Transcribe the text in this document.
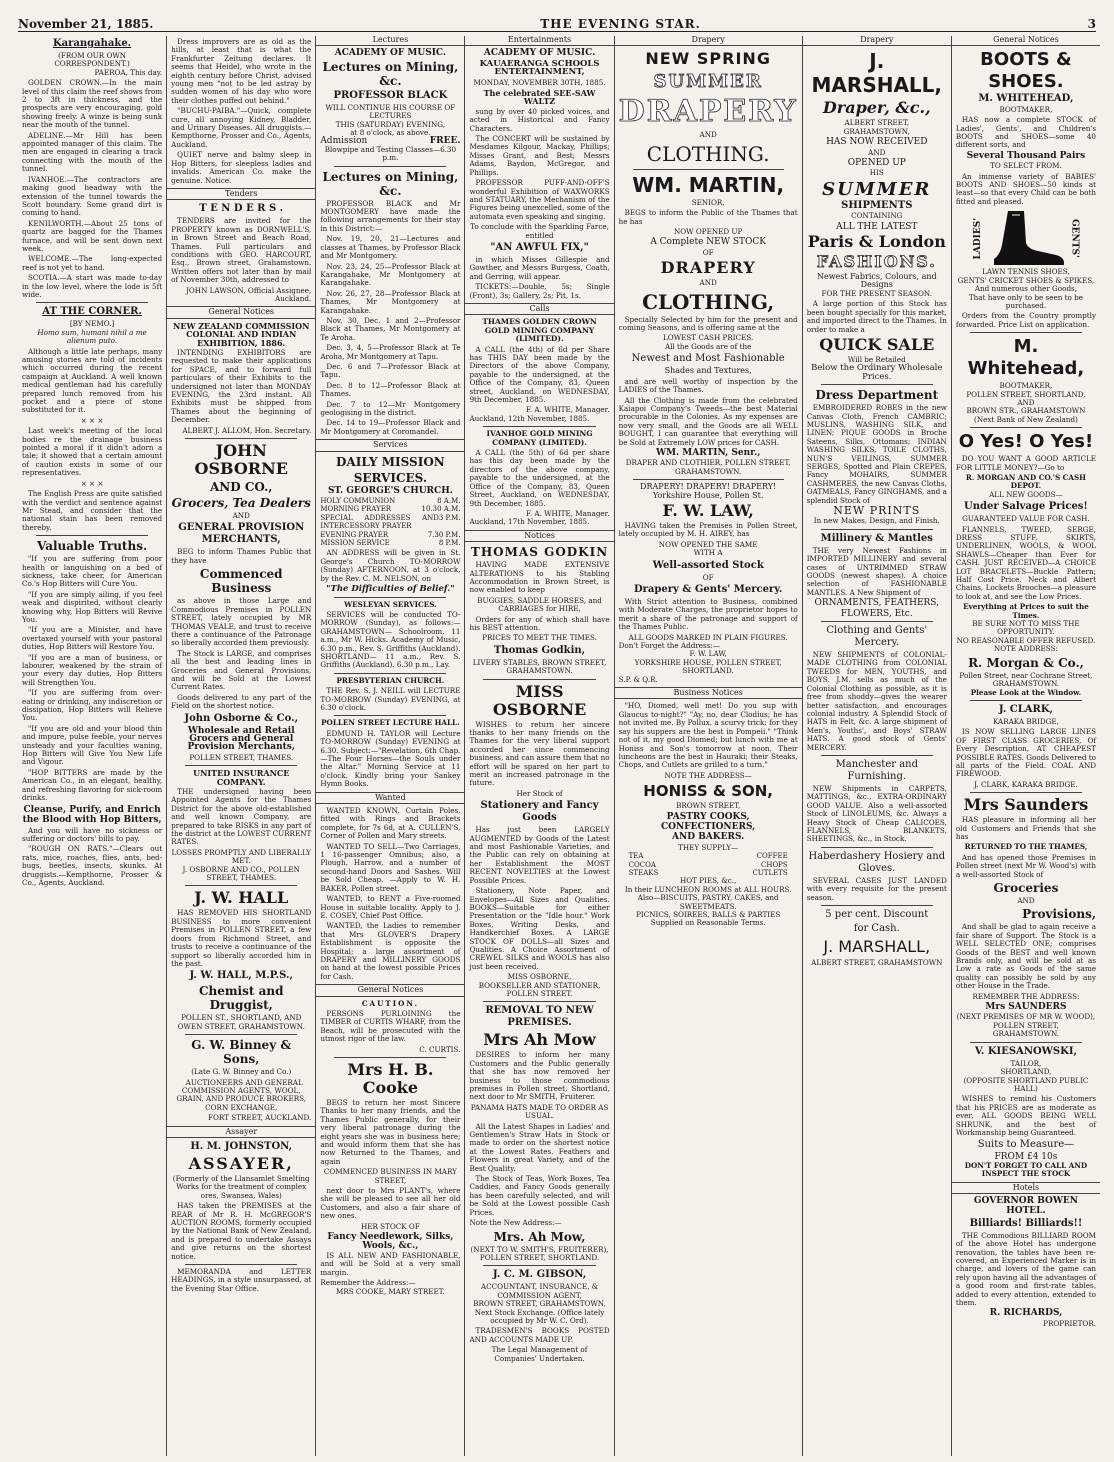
November 21, 1885.	THE EVENING STAR.	3
Karangahake.
(FROM OUR OWN CORRESPONDENT.)
PAEROA, This day.

GOLDEN CROWN.—In the main level of this claim the reef shows from 2 to 3ft in thickness, and the prospects are very encouraging, gold showing freely. A winze is being sunk near the mouth of the tunnel.

ADELINE.—Mr Hill has been appointed manager of this claim. The men are engaged in clearing a track connecting with the mouth of the tunnel.

IVANHOE.—The contractors are making good headway with the extension of the tunnel towards the Scott boundary. Some grand dirt is coming to hand.

KENILWORTH.—About 25 tons of quartz are bagged for the Thames furnace, and will be sent down next week.

WELCOME.—The long-expected reef is not yet to hand.

SCOTIA.—A start was made to-day in the low level, where the lode is 5ft wide.

AT THE CORNER.
[BY NEMO.]
Homo sum, humani nihil a me alienum puto.

Although a little late perhaps, many amusing stories are told of incidents which occurred during the recent campaign at Auckland. A well known medical gentleman had his carefully prepared lunch removed from his pocket and a piece of stone substituted for it.

× × ×

Last week's meeting of the local bodies re the drainage business pointed a moral if it didn't adorn a tale; it showed that a certain amount of caution exists in some of our representatives.

× × ×

The English Press are quite satisfied with the verdict and sentence against Mr Stead, and consider that the national stain has been removed thereby.

Valuable Truths.

"If you are suffering from poor health or languishing on a bed of sickness, take cheer, for American Co.'s Hop Bitters will Cure You.

"If you are simply ailing, if you feel weak and dispirited, without clearly knowing why, Hop Bitters will Revive You.

"If you are a Minister, and have overtaxed yourself with your pastoral duties, Hop Bitters will Restore You.

"If you are a man of business, or labourer, weakened by the strain of your every day duties, Hop Bitters will Strengthen You.

"If you are suffering from over-eating or drinking, any indiscretion or dissipation, Hop Bitters will Relieve You.

"If you are old and your blood thin and impure, pulse feeble, your nerves unsteady and your faculties waning, Hop Bitters will Give You New Life and Vigour.

"HOP BITTERS are made by the American Co., in an elegant, healthy, and refreshing flavoring for sick-room drinks.

Cleanse, Purify, and Enrich the Blood with Hop Bitters,

And you will have no sickness or suffering or doctors' bills to pay.

"ROUGH ON RATS."—Clears out rats, mice, roaches, flies, ants, bed-bugs, beetles, insects, skunks. At druggists.—Kempthorne, Prosser & Co., Agents, Auckland.

Dress improvers are as old as the hills, at least that is what the Frankfurter Zeitung declares. It seems that Heidel, who wrote in the eighth century before Christ, advised young men "not to be led astray by sudden women of his day who wore their clothes puffed out behind."

"BUCHU-PAIBA."—Quick, complete cure, all annoying Kidney, Bladder, and Urinary Diseases. All druggists.—Kempthorne, Prosser and Co., Agents, Auckland.

QUIET nerve and balmy sleep in Hop Bitters, for sleepless ladies and invalids. American Co. make the genuine. Notice.

Tenders
T E N D E R S .

TENDERS are invited for the PROPERTY known as DORNWELL'S, in Brown Street and Beach Road, Thames. Full particulars and conditions with GEO. HARCOURT, Esq., Brown street, Grahamstown. Written offers not later than by mail of November 30th, addressed to

JOHN LAWSON, Official Assignee, Auckland.
General Notices
NEW ZEALAND COMMISSION COLONIAL AND INDIAN EXHIBITION, 1886.

INTENDING EXHIBITORS are requested to make their applications for SPACE, and to forward full particulars of their Exhibits to the undersigned not later than MONDAY EVENING, the 23rd instant. All Exhibits must be shipped from Thames about the beginning of December.

ALBERT J. ALLOM, Hon. Secretary.
JOHN OSBORNE
AND CO.,
Grocers, Tea Dealers
AND
GENERAL PROVISION MERCHANTS,

BEG to inform Thames Public that they have

Commenced Business

as above in those Large and Commodious Premises in POLLEN STREET, lately occupied by MR THOMAS VEALE, and trust to receive there a continuance of the Patronage so liberally accorded them previously.

The Stock is LARGE, and comprises all the best and leading lines in Groceries and General Provisions, and will be Sold at the Lowest Current Rates.

Goods delivered to any part of the Field on the shortest notice.

John Osborne & Co.,
Wholesale and Retail Grocers and General Provision Merchants,
POLLEN STREET, THAMES.
UNITED INSURANCE COMPANY.

THE undersigned having been Appointed Agents for the Thames District for the above old-established and well known Company, are prepared to take RISKS in any part of the district at the LOWEST CURRENT RATES.

LOSSES PROMPTLY AND LIBERALLY MET.
J. OSBORNE AND CO., POLLEN STREET, THAMES.
J. W. HALL

HAS REMOVED HIS SHORTLAND BUSINESS to more convenient Premises in POLLEN STREET, a few doors from Richmond Street, and trusts to receive a continuance of the support so liberally accorded him in the past.

J. W. HALL, M.P.S.,
Chemist and Druggist,
POLLEN ST., SHORTLAND, AND OWEN STREET, GRAHAMSTOWN.
G. W. Binney & Sons,
(Late G. W. Binney and Co.)

AUCTIONEERS AND GENERAL COMMISSION AGENTS, WOOL, GRAIN, AND PRODUCE BROKERS, CORN EXCHANGE,

FORT STREET, AUCKLAND.
Assayer
H. M. JOHNSTON,
ASSAYER,
(Formerly of the Llansamlet Smelting Works for the treatment of complex ores, Swansea, Wales)

HAS taken the PREMISES at the REAR of Mr R. H. McGREGOR'S AUCTION ROOMS, formerly occupied by the National Bank of New Zealand, and is prepared to undertake Assays and give returns on the shortest notice.

MEMORANDA and LETTER HEADINGS, in a style unsurpassed, at the Evening Star Office.

Lectures
ACADEMY OF MUSIC.
Lectures on Mining, &c.
PROFESSOR BLACK
WILL CONTINUE HIS COURSE OF LECTURES
THIS (SATURDAY) EVENING,
at 8 o'clock, as above.
Admission	FREE.
Blowpipe and Testing Classes—6.30 p.m.
Lectures on Mining, &c.

PROFESSOR BLACK and Mr MONTGOMERY have made the following arrangements for their stay in this District:—

Nov. 19, 20, 21—Lectures and classes at Thames, by Professor Black and Mr Montgomery.

Nov. 23, 24, 25—Professor Black at Karangahake, Mr Montgomery at Karangahake.

Nov. 26, 27, 28—Professor Black at Thames, Mr Montgomery at Karangahake.

Nov. 30, Dec. 1 and 2—Professor Black at Thames, Mr Montgomery at Te Aroha.

Dec. 3, 4, 5—Professor Black at Te Aroha, Mr Montgomery at Tapu.

Dec. 6 and 7—Professor Black at Tapu.

Dec. 8 to 12—Professor Black at Thames.

Dec. 7 to 12—Mr Montgomery geologising in the district.

Dec. 14 to 19—Professor Black and Mr Montgomery at Coromandel.

Services
DAILY MISSION
SERVICES.
ST. GEORGE'S CHURCH.
HOLY COMMUNION	8 A.M.
MORNING PRAYER	10.30 A.M.
SPECIAL ADDRESSES AND INTERCESSORY PRAYER
3 P.M.
EVENING PRAYER	7.30 P.M.
MISSION SERVICE	8 P.M.

AN ADDRESS will be given in St. George's Church TO-MORROW (Sunday) AFTERNOON, at 3 o'clock, by the Rev. C. M. NELSON, on

"The Difficulties of Belief."
WESLEYAN SERVICES.

SERVICES will be conducted TO-MORROW (Sunday), as follows:— GRAHAMSTOWN— Schoolroom, 11 a.m., Mr W. Hicks. Academy of Music, 6.30 p.m., Rev. S. Griffiths (Auckland). SHORTLAND— 11 a.m., Rev. S. Griffiths (Auckland). 6.30 p.m., Lay.

PRESBYTERIAN CHURCH.

THE Rev. S. J. NEILL will LECTURE TO-MORROW (Sunday) EVENING, at 6.30 o'clock.

POLLEN STREET LECTURE HALL.

EDMUND H. TAYLOR will Lecture TO-MORROW (Sunday) EVENING at 6.30. Subject:—"Revelation, 6th Chap.—The Four Horses—the Souls under the Altar." Morning Service at 11 o'clock. Kindly bring your Sankey Hymn Books.

Wanted

WANTED KNOWN, Curtain Poles, fitted with Rings and Brackets complete, for 7s 6d, at A. CULLEN'S, Corner of Pollen and Mary streets.

WANTED TO SELL—Two Carriages, 1 16-passenger Omnibus; also, a Plough, Harrow, and a number of second-hand Doors and Sashes. Will be Sold Cheap. —Apply to W. H. BAKER, Pollen street.

WANTED, to RENT a Five-roomed House in suitable locality. Apply to J. E. COSEY, Chief Post Office.

WANTED, the Ladies to remember that Mrs GLOVER'S Drapery Establishment is opposite the Hospital; a large assortment of DRAPERY and MILLINERY GOODS on hand at the lowest possible Prices for Cash.

General Notices
CAUTION.

PERSONS PURLOINING the TIMBER of CURTIS WHARF, from the Beach, will be prosecuted with the utmost rigor of the law.

C. CURTIS.
Mrs H. B. Cooke

BEGS to return her most Sincere Thanks to her many friends, and the Thames Public generally, for their very liberal patronage during the eight years she was in business here; and would inform them that she has now Returned to the Thames, and again

COMMENCED BUSINESS IN MARY STREET,

next door to Mrs PLANT's, where she will be pleased to see all her old Customers, and also a fair share of new ones.

HER STOCK OF
Fancy Needlework, Silks, Wools, &c.,

IS ALL NEW AND FASHIONABLE, and will be Sold at a very small margin.

Remember the Address:—
MRS COOKE, MARY STREET.
Entertainments
ACADEMY OF MUSIC.
KAUAERANGA SCHOOLS ENTERTAINMENT,
MONDAY, NOVEMBER 30TH, 1885.
The celebrated SEE-SAW WALTZ

sung by over 40 picked voices, and acted in Historical and Fancy Characters.

The CONCERT will be sustained by Mesdames Kilgour, Mackay, Phillips; Misses Grant, and Best; Messrs Adams, Baydon, McGregor, and Phillips.

PROFESSOR PUFF-AND-OFF'S wonderful Exhibition of WAXWORKS and STATUARY, the Mechanism of the Figures being unexcelled, some of the automata even speaking and singing.

To conclude with the Sparkling Farce, entitled
"AN AWFUL FIX,"

in which Misses Gillespie and Gowther, and Messrs Burgess, Coath, and Gerring, will appear.

TICKETS:—Double, 5s; Single (Front), 3s; Gallery, 2s; Pit, 1s.

Calls
THAMES GOLDEN CROWN GOLD MINING COMPANY (LIMITED).

A CALL (the 4th) of 6d per Share has THIS DAY been made by the Directors of the above Company, payable to the undersigned, at the Office of the Company, 83, Queen street, Auckland, on WEDNESDAY, 9th December, 1885.

F. A. WHITE, Manager.
Auckland, 12th November, 1885.
IVANHOE GOLD MINING COMPANY (LIMITED).

A CALL (the 5th) of 6d per share has this day been made by the directors of the above company, payable to the undersigned, at the Office of the Company, 83, Queen Street, Auckland, on WEDNESDAY, 9th December, 1885.

F. A. WHITE, Manager.
Auckland, 17th November, 1885.
Notices
THOMAS GODKIN

HAVING MADE EXTENSIVE ALTERATIONS to his Stabling Accommodation in Brown Street, is now enabled to keep

BUGGIES, SADDLE HORSES, and CARRIAGES for HIRE,

Orders for any of which shall have his BEST attention.

PRICES TO MEET THE TIMES.
Thomas Godkin,
LIVERY STABLES, BROWN STREET, GRAHAMSTOWN.
MISS OSBORNE

WISHES to return her sincere thanks to her many friends on the Thames for the very liberal support accorded her since commencing business, and can assure them that no effort will be spared on her part to merit an increased patronage in the future.

Her Stock of
Stationery and Fancy Goods

Has just been LARGELY AUGMENTED by Goods of the Latest and most Fashionable Varieties, and the Public can rely on obtaining at her Establishment the MOST RECENT NOVELTIES at the Lowest Possible Prices.

Stationery, Note Paper, and Envelopes—All Sizes and Qualities. BOOKS—Suitable for either Presentation or the "Idle hour." Work Boxes, Writing Desks, and Handkerchief Boxes. A LARGE STOCK OF DOLLS—all Sizes and Qualities. A Choice Assortment of CREWEL SILKS and WOOLS has also just been received.

MISS OSBORNE,
BOOKSELLER AND STATIONER, POLLEN STREET.
REMOVAL TO NEW PREMISES.
Mrs Ah Mow

DESIRES to inform her many Customers and the Public generally that she has now removed her business to those commodious premises in Pollen street, Shortland, next door to Mr SMITH, Fruiterer.

PANAMA HATS MADE TO ORDER AS USUAL.

All the Latest Shapes in Ladies' and Gentlemen's Straw Hats in Stock or made to order on the shortest notice at the Lowest Rates. Feathers and Flowers in great Variety, and of the Best Quality.

The Stock of Teas, Work Boxes, Tea Caddies, and Fancy Goods generally has been carefully selected, and will be Sold at the Lowest possible Cash Prices.

Note the New Address:—
Mrs. Ah Mow,
(NEXT TO W. SMITH'S, FRUITERER), POLLEN STREET, SHORTLAND.
J. C. M. GIBSON,
ACCOUNTANT, INSURANCE, & COMMISSION AGENT,
BROWN STREET, GRAHAMSTOWN, Next Stock Exchange. (Office lately occupied by Mr W. C. Ord).

TRADESMEN'S BOOKS POSTED AND ACCOUNTS MADE UP.

The Legal Management of Companies' Undertaken.
Drapery
NEW SPRING
SUMMER
DRAPERY
AND
CLOTHING.
WM. MARTIN,
SENIOR,

BEGS to inform the Public of the Thames that he has

NOW OPENED UP
A Complete NEW STOCK
OF
DRAPERY
AND
CLOTHING,

Specially Selected by him for the present and coming Seasons, and is offering same at the

LOWEST CASH PRICES.
All the Goods are of the
Newest and Most Fashionable
Shades and Textures,

and are well worthy of inspection by the LADIES of the Thames.

All the Clothing is made from the celebrated Kaiapoi Company's Tweeds—the best Material procurable in the Colonies. As my expenses are now very small, and the Goods are all WELL BOUGHT, I can guarantee that everything will be Sold at Extremely LOW prices for CASH.

WM. MARTIN, Senr.,
DRAPER AND CLOTHIER, POLLEN STREET, GRAHAMSTOWN.
DRAPERY! DRAPERY! DRAPERY!
Yorkshire House, Pollen St.
F. W. LAW,

HAVING taken the Premises in Pollen Street, lately occupied by M. H. AIREY, has

NOW OPENED THE SAME
WITH A
Well-assorted Stock
OF
Drapery & Gents' Mercery.

With Strict attention to Business, combined with Moderate Charges, the proprietor hopes to merit a share of the patronage and support of the Thames Public.

ALL GOODS MARKED IN PLAIN FIGURES.
Don't Forget the Address:—
F. W. LAW,
YORKSHIRE HOUSE, POLLEN STREET, SHORTLAND.
S.P. & Q.R.
Business Notices

"HO, Diomed, well met! Do you sup with Glaucus to-night?" "Ay, no, dear Clodius; he has not invited me. By Pollux, a scurvy trick; for they say his suppers are the best in Pompeii." "Think not of it, my good Diomed; but lunch with me at Honiss and Son's tomorrow at noon. Their luncheons are the best in Hauraki; their Steaks, Chops, and Cutlets are grilled to a turn."

NOTE THE ADDRESS—
HONISS & SON,
BROWN STREET,
PASTRY COOKS,
CONFECTIONERS,
AND BAKERS.
THEY SUPPLY—
TEA	COFFEE
COCOA	CHOPS
STEAKS	CUTLETS
HOT PIES, &c.,
In their LUNCHEON ROOMS at ALL HOURS.
Also—BISCUITS, PASTRY, CAKES, and SWEETMEATS.
PICNICS, SOIREES, BALLS & PARTIES
Supplied on Reasonable Terms.
Drapery
J. MARSHALL,
Draper, &c.,
ALBERT STREET,
GRAHAMSTOWN,
HAS NOW RECEIVED
AND
OPENED UP
HIS
SUMMER
SHIPMENTS
CONTAINING
ALL THE LATEST
Paris & London
FASHIONS.
Newest Fabrics, Colours, and Designs
FOR THE PRESENT SEASON.

A large portion of this Stock has been bought specially for this market, and imported direct to the Thames. In order to make a

QUICK SALE
Will be Retailed
Below the Ordinary Wholesale Prices.
Dress Department

EMBROIDERED ROBES in the new Canvas Cloth, French CAMBRIC; MUSLINS, WASHING SILK, and LINEN; PIQUE GOODS in Broche Sateens, Silks, Ottomans; INDIAN WASHING SILKS, TOILE CLOTHS, NUN'S VEILINGS, SUMMER SERGES, Spotted and Plain CREPES, Fancy MOHAIRS, SUMMER CASHMERES, the new Canvas Cloths, OATMEALS, Fancy GINGHAMS, and a splendid Stock of

NEW PRINTS
In new Makes, Design, and Finish.
Millinery & Mantles

THE very Newest Fashions in IMPORTED MILLINERY and several cases of UNTRIMMED STRAW GOODS (newest shapes). A choice selection of FASHIONABLE MANTLES. A New Shipment of

ORNAMENTS, FEATHERS,
FLOWERS, Etc.
Clothing and Gents' Mercery.

NEW SHIPMENTS of COLONIAL-MADE CLOTHING from COLONIAL TWEEDS for MEN, YOUTHS, and BOYS. J.M. sells as much of the Colonial Clothing as possible, as it is free from shoddy—gives the wearer better satisfaction, and encourages colonial industry. A Splendid Stock of HATS in Felt, &c. A large shipment of Men's, Youths', and Boys' STRAW HATS. A good stock of Gents' MERCERY.

Manchester and Furnishing.

NEW Shipments in CARPETS, MATTINGS, &c., EXTRA-ORDINARY GOOD VALUE. Also a well-assorted Stock of LINOLEUMS, &c. Always a Heavy Stock of Cheap CALICOES, FLANNELS, BLANKETS, SHEETINGS, &c., in Stock.

Haberdashery Hosiery and Gloves.

SEVERAL CASES JUST LANDED with every requisite for the present season.

5 per cent. Discount
for Cash.
J. MARSHALL,
ALBERT STREET, GRAHAMSTOWN
General Notices
BOOTS & SHOES.
M. WHITEHEAD,
BOOTMAKER,

HAS now a complete STOCK of Ladies', Gents', and Children's BOOTS and SHOES—some 40 different sorts, and

Several Thousand Pairs
TO SELECT FROM.

An immense variety of BABIES' BOOTS AND SHOES—50 kinds at least—so that every Child can be both fitted and pleased.

LADIES'	GENTS'
LAWN TENNIS SHOES,
GENTS' CRICKET SHOES & SPIKES, And numerous other Goods,
That have only to be seen to be purchased.

Orders from the Country promptly forwarded. Price List on application.

M. Whitehead,
BOOTMAKER,
POLLEN STREET, SHORTLAND,
AND
BROWN STR., GRAHAMSTOWN
(Next Bank of New Zealand)
O Yes! O Yes!

DO YOU WANT A GOOD ARTICLE FOR LITTLE MONEY?—Go to

R. MORGAN AND CO.'S CASH DEPOT.
ALL NEW GOODS—
Under Salvage Prices!
GUARANTEED VALUE FOR CASH.

FLANNELS, TWEED, SERGE, DRESS STUFF, SKIRTS, UNDERLINEN, WOOLS, & WOOL SHAWLS—Cheaper than Ever for CASH. JUST RECEIVED—A CHOICE LOT BRACELETS—Buckle Pattern; Half Cost Price. Neck and Albert Chains, Lockets Brooches—a pleasure to look at, and see the Low Prices.

Everything at Prices to suit the Times.
BE SURE NOT TO MISS THE OPPORTUNITY.
NO REASONABLE OFFER REFUSED.
NOTE ADDRESS:
R. Morgan & Co.,
Pollen Street, near Cochrane Street, GRAHAMSTOWN.
Please Look at the Window.
J. CLARK,
KARAKA BRIDGE,

IS NOW SELLING LARGE LINES OF FIRST CLASS GROCERIES, Of Every Description, AT CHEAPEST POSSIBLE RATES. Goods Delivered to all parts of the Field. COAL AND FIREWOOD.

J. CLARK, KARAKA BRIDGE.
Mrs Saunders

HAS pleasure in informing all her old Customers and Friends that she has

RETURNED TO THE THAMES,

And has opened those Premises in Pollen street (next Mr W. Wood's) with a well-assorted Stock of

Groceries
AND
Provisions,

And shall be glad to again receive a fair share of Support. The Stock is a WELL SELECTED ONE; comprises Goods of the BEST and well known Brands only, and will be sold at as Low a rate as Goods of the same quality can possibly be sold by any other House in the Trade.

REMEMBER THE ADDRESS:
Mrs SAUNDERS
(NEXT PREMISES OF MR W. WOOD),
POLLEN STREET,
GRAHAMSTOWN.
V. KIESANOWSKI,
TAILOR,
SHORTLAND,
(OPPOSITE SHORTLAND PUBLIC HALL)

WISHES to remind his Customers that his PRICES are as moderate as ever, ALL GOODS BEING WELL SHRUNK, and the best of Workmanship being Guaranteed.

Suits to Measure—
FROM £4 10s
DON'T FORGET TO CALL AND INSPECT THE STOCK
Hotels
GOVERNOR BOWEN
HOTEL.
Billiards! Billiards!!

THE Commodious BILLIARD ROOM of the above Hotel has undergone renovation, the tables have been re-covered, an Experienced Marker is in charge, and lovers of the game can rely upon having all the advantages of a good room and first-rate tables, added to every attention, extended to them.

R. RICHARDS,
PROPRIETOR.
